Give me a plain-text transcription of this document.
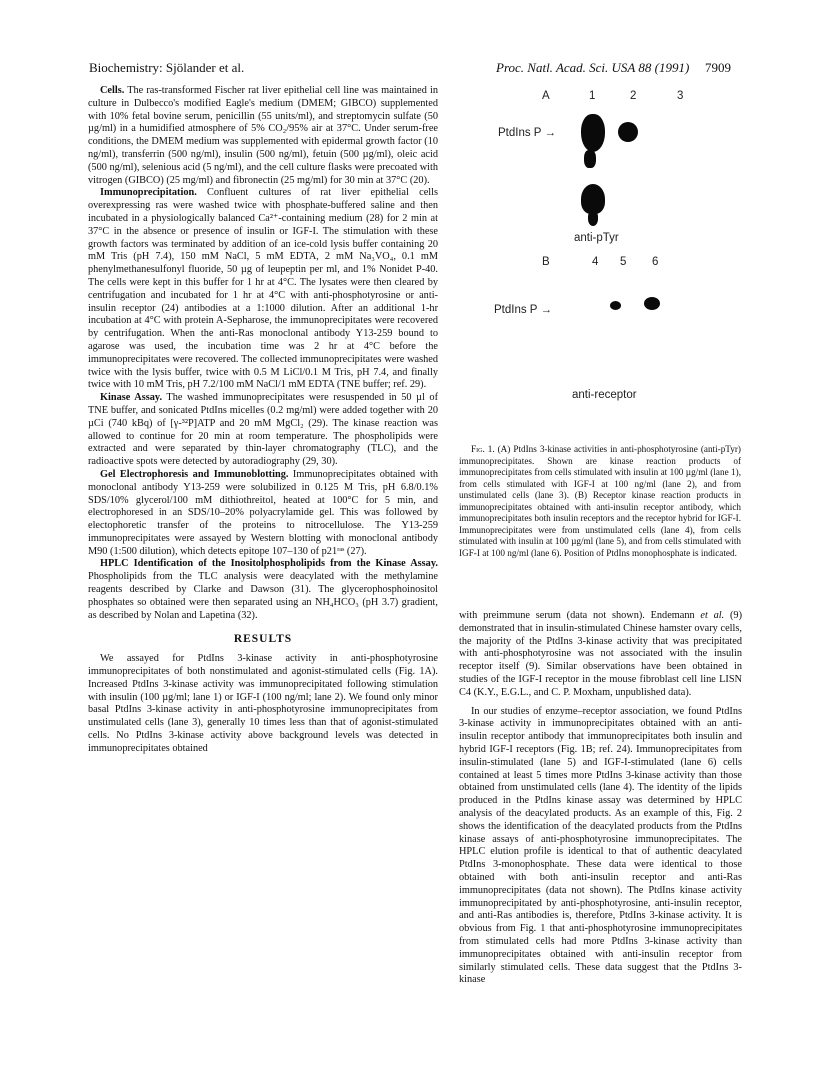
Biochemistry: Sjölander et al.	Proc. Natl. Acad. Sci. USA 88 (1991) 7909

Cells. The ras-transformed Fischer rat liver epithelial cell line was maintained in culture in Dulbecco's modified Eagle's medium (DMEM; GIBCO) supplemented with 10% fetal bovine serum, penicillin (55 units/ml), and streptomycin sulfate (50 µg/ml) in a humidified atmosphere of 5% CO₂/95% air at 37°C. Under serum-free conditions, the DMEM medium was supplemented with epidermal growth factor (10 ng/ml), transferrin (500 ng/ml), insulin (500 ng/ml), fetuin (500 µg/ml), oleic acid (500 ng/ml), selenious acid (5 ng/ml), and the cell culture flasks were precoated with vitrogen (GIBCO) (25 mg/ml) and fibronectin (25 mg/ml) for 30 min at 37°C (20).

Immunoprecipitation. Confluent cultures of rat liver epithelial cells overexpressing ras were washed twice with phosphate-buffered saline and then incubated in a physiologically balanced Ca²⁺-containing medium (28) for 2 min at 37°C in the absence or presence of insulin or IGF-I. The stimulation with these growth factors was terminated by addition of an ice-cold lysis buffer containing 20 mM Tris (pH 7.4), 150 mM NaCl, 5 mM EDTA, 2 mM Na₃VO₄, 0.1 mM phenylmethanesulfonyl fluoride, 50 µg of leupeptin per ml, and 1% Nonidet P-40. The cells were kept in this buffer for 1 hr at 4°C. The lysates were then cleared by centrifugation and incubated for 1 hr at 4°C with anti-phosphotyrosine or anti-insulin receptor (24) antibodies at a 1:1000 dilution. After an additional 1-hr incubation at 4°C with protein A-Sepharose, the immunoprecipitates were recovered by centrifugation. When the anti-Ras monoclonal antibody Y13-259 bound to agarose was used, the incubation time was 2 hr at 4°C before the immunoprecipitates were recovered. The collected immunoprecipitates were washed twice with the lysis buffer, twice with 0.5 M LiCl/0.1 M Tris, pH 7.4, and finally twice with 10 mM Tris, pH 7.2/100 mM NaCl/1 mM EDTA (TNE buffer; ref. 29).

Kinase Assay. The washed immunoprecipitates were resuspended in 50 µl of TNE buffer, and sonicated PtdIns micelles (0.2 mg/ml) were added together with 20 µCi (740 kBq) of [γ-³²P]ATP and 20 mM MgCl₂ (29). The kinase reaction was allowed to continue for 20 min at room temperature. The phospholipids were extracted and were separated by thin-layer chromatography (TLC), and the radioactive spots were detected by autoradiography (29, 30).

Gel Electrophoresis and Immunoblotting. Immunoprecipitates obtained with monoclonal antibody Y13-259 were solubilized in 0.125 M Tris, pH 6.8/0.1% SDS/10% glycerol/100 mM dithiothreitol, heated at 100°C for 5 min, and electrophoresed in an SDS/10–20% polyacrylamide gel. This was followed by electophoretic transfer of the proteins to nitrocellulose. The Y13-259 immunoprecipitates were assayed by Western blotting with monoclonal antibody M90 (1:500 dilution), which detects epitope 107–130 of p21ʳᵃˢ (27).

HPLC Identification of the Inositolphospholipids from the Kinase Assay. Phospholipids from the TLC analysis were deacylated with the methylamine reagents described by Clarke and Dawson (31). The glycerophosphoinositol phosphates so obtained were then separated using an NH₄HCO₃ (pH 3.7) gradient, as described by Nolan and Lapetina (32).

RESULTS

We assayed for PtdIns 3-kinase activity in anti-phosphotyrosine immunoprecipitates of both nonstimulated and agonist-stimulated cells (Fig. 1A). Increased PtdIns 3-kinase activity was immunoprecipitated following stimulation with insulin (100 µg/ml; lane 1) or IGF-I (100 ng/ml; lane 2). We found only minor basal PtdIns 3-kinase activity in anti-phosphotyrosine immunoprecipitates from unstimulated cells (lane 3), generally 10 times less than that of agonist-stimulated cells. No PtdIns 3-kinase activity above background levels was detected in immunoprecipitates obtained

A	1	2	3
PtdIns P →
anti-pTyr
B	4 5 6
PtdIns P →
anti-receptor

Fig. 1. (A) PtdIns 3-kinase activities in anti-phosphotyrosine (anti-pTyr) immunoprecipitates. Shown are kinase reaction products of immunoprecipitates from cells stimulated with insulin at 100 µg/ml (lane 1), from cells stimulated with IGF-I at 100 ng/ml (lane 2), and from unstimulated cells (lane 3). (B) Receptor kinase reaction products in immunoprecipitates obtained with anti-insulin receptor antibody, which immunoprecipitates both insulin receptors and the receptor hybrid for IGF-I. Immunoprecipitates were from unstimulated cells (lane 4), from cells stimulated with insulin at 100 µg/ml (lane 5), and from cells stimulated with IGF-I at 100 ng/ml (lane 6). Position of PtdIns monophosphate is indicated.

with preimmune serum (data not shown). Endemann et al. (9) demonstrated that in insulin-stimulated Chinese hamster ovary cells, the majority of the PtdIns 3-kinase activity that was precipitated with anti-phosphotyrosine was not associated with the insulin receptor itself (9). Similar observations have been obtained in studies of the IGF-I receptor in the mouse fibroblast cell line LISN C4 (K.Y., E.G.L., and C. P. Moxham, unpublished data).

In our studies of enzyme–receptor association, we found PtdIns 3-kinase activity in immunoprecipitates obtained with an anti-insulin receptor antibody that immunoprecipitates both insulin and hybrid IGF-I receptors (Fig. 1B; ref. 24). Immunoprecipitates from insulin-stimulated (lane 5) and IGF-I-stimulated (lane 6) cells contained at least 5 times more PtdIns 3-kinase activity than those obtained from unstimulated cells (lane 4). The identity of the lipids produced in the PtdIns kinase assay was determined by HPLC analysis of the deacylated products. As an example of this, Fig. 2 shows the identification of the deacylated products from the PtdIns kinase assays of anti-phosphotyrosine immunoprecipitates. The HPLC elution profile is identical to that of authentic deacylated PtdIns 3-monophosphate. These data were identical to those obtained with both anti-insulin receptor and anti-Ras immunoprecipitates (data not shown). The PtdIns kinase activity immunoprecipitated by anti-phosphotyrosine, anti-insulin receptor, and anti-Ras antibodies is, therefore, PtdIns 3-kinase activity. It is obvious from Fig. 1 that anti-phosphotyrosine immunoprecipitates from stimulated cells had more PtdIns 3-kinase activity than immunoprecipitates obtained with anti-insulin receptor from similarly stimulated cells. These data suggest that the PtdIns 3-kinase
